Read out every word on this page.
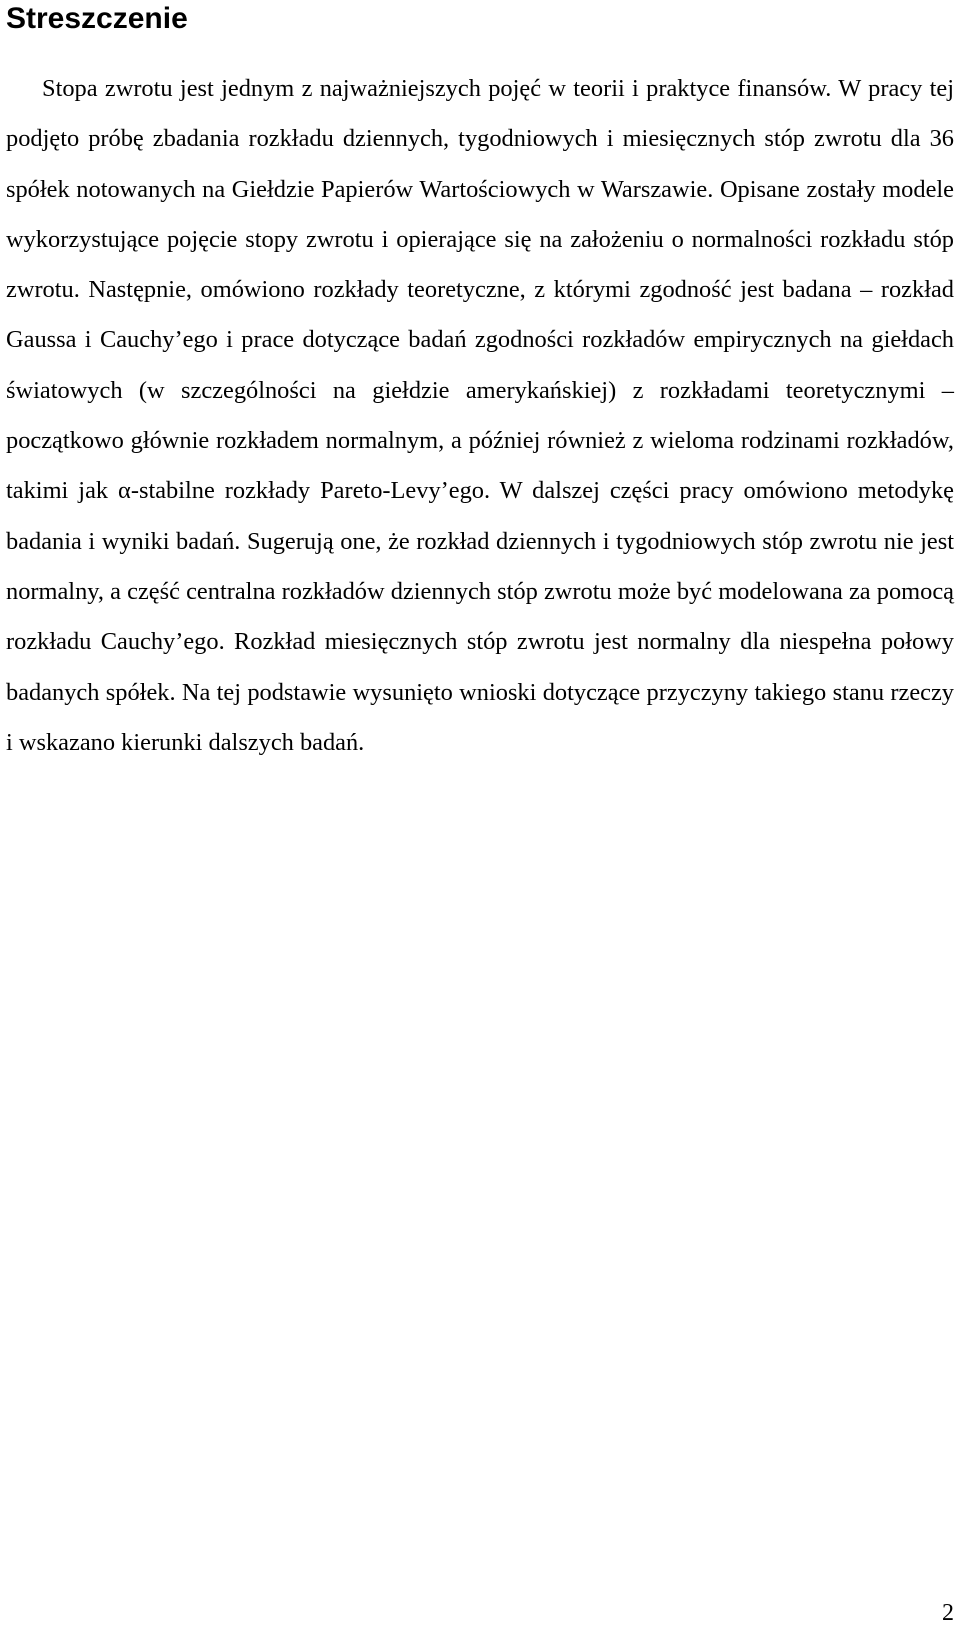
Streszczenie

Stopa zwrotu jest jednym z najważniejszych pojęć w teorii i praktyce finansów. W pracy tej podjęto próbę zbadania rozkładu dziennych, tygodniowych i miesięcznych stóp zwrotu dla 36 spółek notowanych na Giełdzie Papierów Wartościowych w Warszawie. Opisane zostały modele wykorzystujące pojęcie stopy zwrotu i opierające się na założeniu o normalności rozkładu stóp zwrotu. Następnie, omówiono rozkłady teoretyczne, z którymi zgodność jest badana – rozkład Gaussa i Cauchy’ego i prace dotyczące badań zgodności rozkładów empirycznych na giełdach światowych (w szczególności na giełdzie amerykańskiej) z rozkładami teoretycznymi – początkowo głównie rozkładem normalnym, a później również z wieloma rodzinami rozkładów, takimi jak α-stabilne rozkłady Pareto-Levy’ego. W dalszej części pracy omówiono metodykę badania i wyniki badań. Sugerują one, że rozkład dziennych i tygodniowych stóp zwrotu nie jest normalny, a część centralna rozkładów dziennych stóp zwrotu może być modelowana za pomocą rozkładu Cauchy’ego. Rozkład miesięcznych stóp zwrotu jest normalny dla niespełna połowy badanych spółek. Na tej podstawie wysunięto wnioski dotyczące przyczyny takiego stanu rzeczy i wskazano kierunki dalszych badań.

2
